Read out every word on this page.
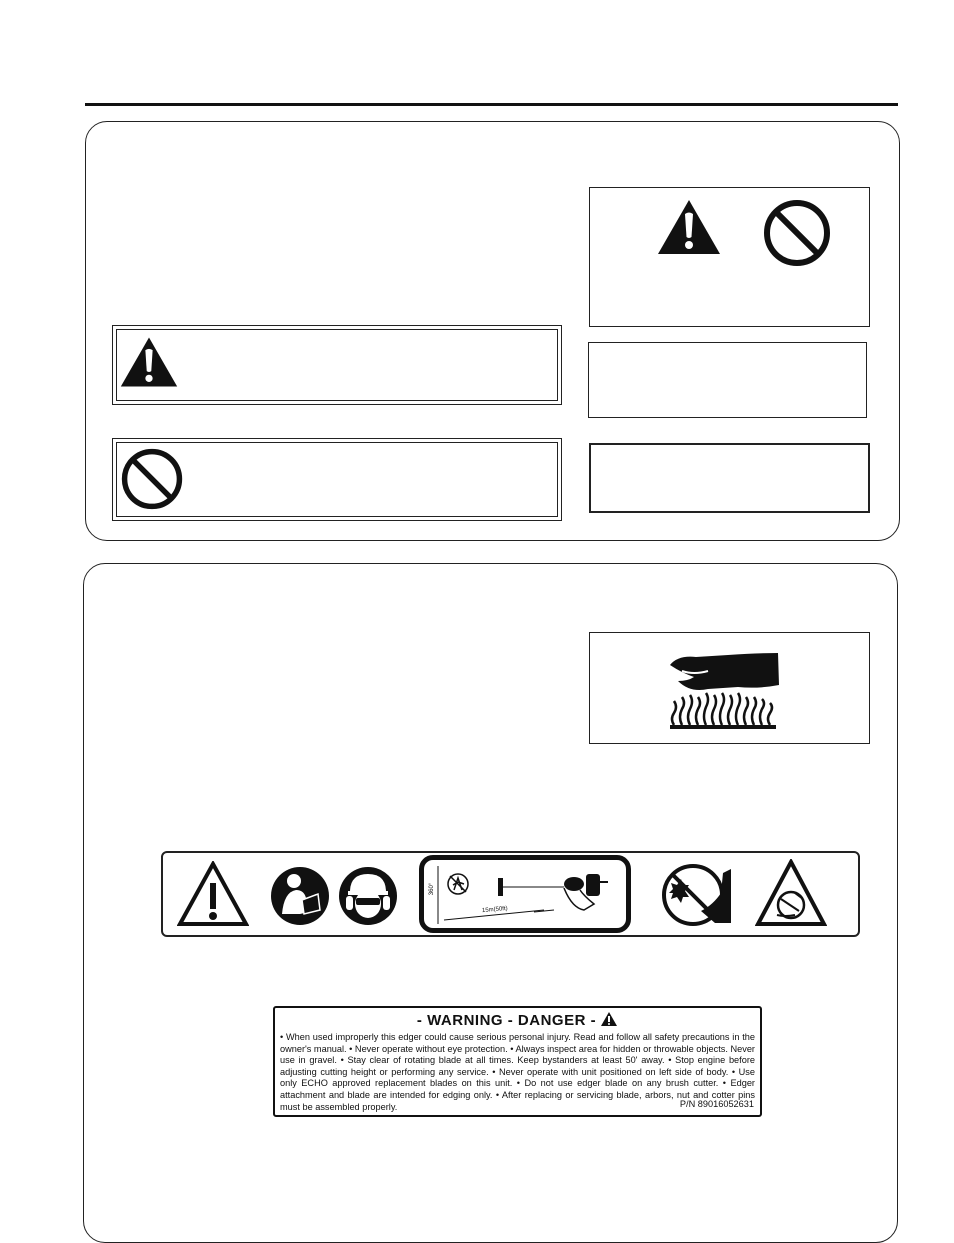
360°
15m(50ft)
- WARNING - DANGER -
• When used improperly this edger could cause serious personal injury. Read and follow all safety precautions in the owner's manual. • Never operate without eye protection. • Always inspect area for hidden or throwable objects. Never use in gravel. • Stay clear of rotating blade at all times. Keep bystanders at least 50' away. • Stop engine before adjusting cutting height or performing any service. • Never operate with unit positioned on left side of body. • Use only ECHO approved replacement blades on this unit. • Do not use edger blade on any brush cutter. • Edger attachment and blade are intended for edging only. • After replacing or servicing blade, arbors, nut and cotter pins must be assembled properly.	P/N 89016052631
